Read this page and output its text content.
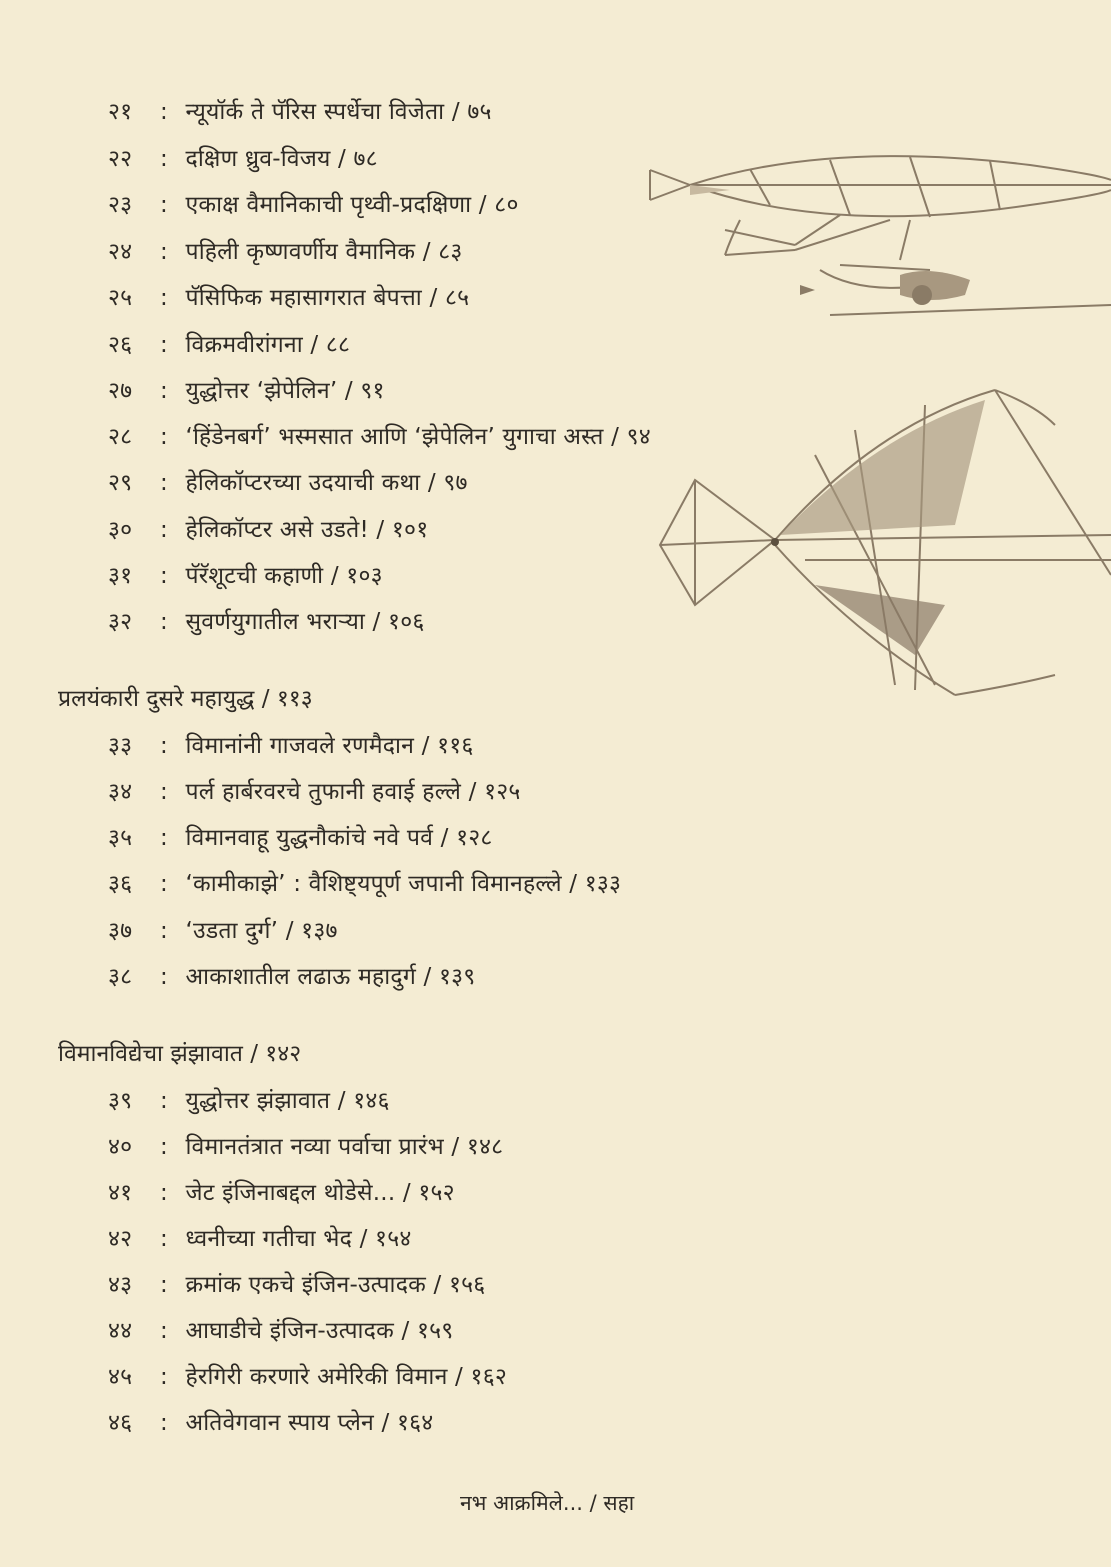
२१ : न्यूयॉर्क ते पॅरिस स्पर्धेचा विजेता / ७५
२२ : दक्षिण ध्रुव-विजय / ७८
२३ : एकाक्ष वैमानिकाची पृथ्वी-प्रदक्षिणा / ८०
२४ : पहिली कृष्णवर्णीय वैमानिक / ८३
२५ : पॅसिफिक महासागरात बेपत्ता / ८५
२६ : विक्रमवीरांगना / ८८
२७ : युद्धोत्तर ‘झेपेलिन’ / ९१
२८ : ‘हिंडेनबर्ग’ भस्मसात आणि ‘झेपेलिन’ युगाचा अस्त / ९४
२९ : हेलिकॉप्टरच्या उदयाची कथा / ९७
३० : हेलिकॉप्टर असे उडते! / १०१
३१ : पॅरॅशूटची कहाणी / १०३
३२ : सुवर्णयुगातील भराऱ्या / १०६
प्रलयंकारी दुसरे महायुद्ध / ११३
३३ : विमानांनी गाजवले रणमैदान / ११६
३४ : पर्ल हार्बरवरचे तुफानी हवाई हल्ले / १२५
३५ : विमानवाहू युद्धनौकांचे नवे पर्व / १२८
३६ : ‘कामीकाझे’ : वैशिष्ट्यपूर्ण जपानी विमानहल्ले / १३३
३७ : ‘उडता दुर्ग’ / १३७
३८ : आकाशातील लढाऊ महादुर्ग / १३९
विमानविद्येचा झंझावात / १४२
३९ : युद्धोत्तर झंझावात / १४६
४० : विमानतंत्रात नव्या पर्वाचा प्रारंभ / १४८
४१ : जेट इंजिनाबद्दल थोडेसे... / १५२
४२ : ध्वनीच्या गतीचा भेद / १५४
४३ : क्रमांक एकचे इंजिन-उत्पादक / १५६
४४ : आघाडीचे इंजिन-उत्पादक / १५९
४५ : हेरगिरी करणारे अमेरिकी विमान / १६२
४६ : अतिवेगवान स्पाय प्लेन / १६४
नभ आक्रमिले... / सहा
